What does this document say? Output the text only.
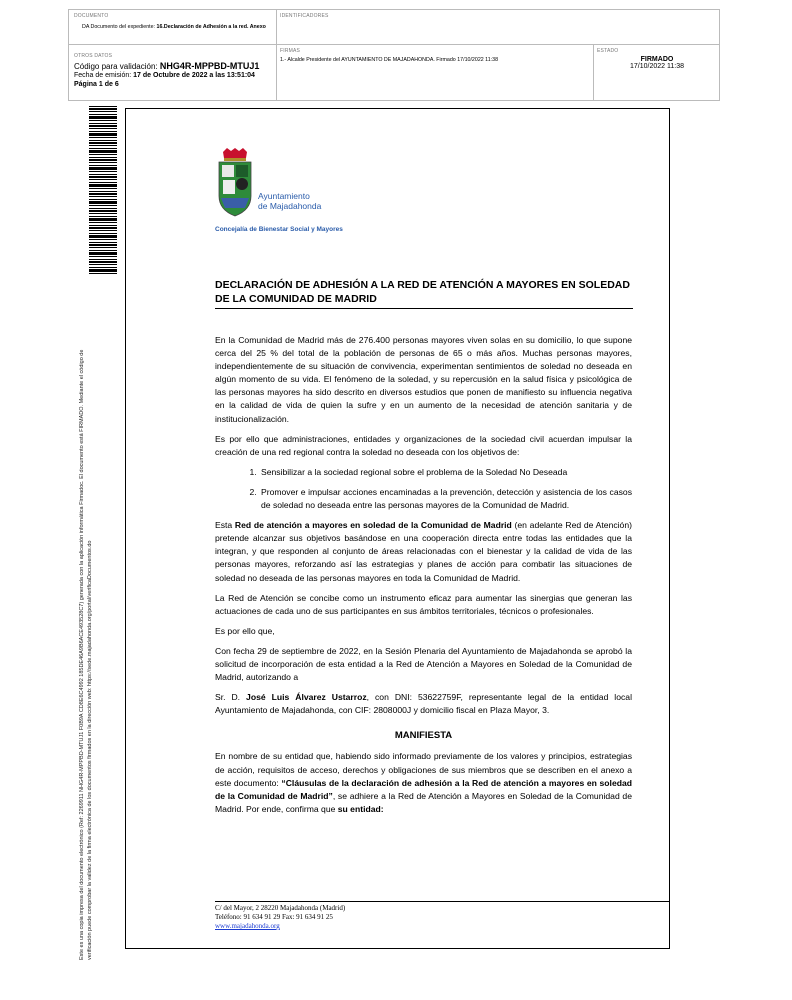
DOCUMENTO
DA Documento del expediente: 16.Declaración de Adhesión a la red. Anexo
IDENTIFICADORES
OTROS DATOS
Código para validación: NHG4R-MPPBD-MTUJ1
Fecha de emisión: 17 de Octubre de 2022 a las 13:51:04
Página 1 de 6
FIRMAS
1.- Alcalde Presidente del AYUNTAMIENTO DE MAJADAHONDA. Firmado 17/10/2022 11:38
ESTADO
FIRMADO
17/10/2022 11:38
Este es una copia impresa del documento electrónico (Ref: 2269911 NHG4R-MPPBD-MTUJ1 F0B9A CD8E6C4992 185DE46A9B6ACE493528C7) generada con la aplicación informática Firmadoc. El documento está FIRMADO. Mediante el código de verificación puede comprobar la validez de la firma electrónica de los documentos firmados en la dirección web: https://sede.majadahonda.org/portal/verificaDocumentos.do
Ayuntamiento
de Majadahonda
Concejalía de Bienestar Social y Mayores
DECLARACIÓN DE ADHESIÓN A LA RED DE ATENCIÓN A MAYORES EN SOLEDAD DE LA COMUNIDAD DE MADRID

En la Comunidad de Madrid más de 276.400 personas mayores viven solas en su domicilio, lo que supone cerca del 25 % del total de la población de personas de 65 o más años. Muchas personas mayores, independientemente de su situación de convivencia, experimentan sentimientos de soledad no deseada en algún momento de su vida. El fenómeno de la soledad, y su repercusión en la salud física y psicológica de las personas mayores ha sido descrito en diversos estudios que ponen de manifiesto su influencia negativa en la calidad de vida de quien la sufre y en un aumento de la necesidad de atención sanitaria y de institucionalización.

Es por ello que administraciones, entidades y organizaciones de la sociedad civil acuerdan impulsar la creación de una red regional contra la soledad no deseada con los objetivos de:

1. Sensibilizar a la sociedad regional sobre el problema de la Soledad No Deseada
2. Promover e impulsar acciones encaminadas a la prevención, detección y asistencia de los casos de soledad no deseada entre las personas mayores de la Comunidad de Madrid.

Esta Red de atención a mayores en soledad de la Comunidad de Madrid (en adelante Red de Atención) pretende alcanzar sus objetivos basándose en una cooperación directa entre todas las entidades que la integran, y que responden al conjunto de áreas relacionadas con el bienestar y la calidad de vida de las personas mayores, reforzando así las estrategias y planes de acción para combatir las situaciones de soledad no deseada de las personas mayores en toda la Comunidad de Madrid.

La Red de Atención se concibe como un instrumento eficaz para aumentar las sinergias que generan las actuaciones de cada uno de sus participantes en sus ámbitos territoriales, técnicos o profesionales.

Es por ello que,

Con fecha 29 de septiembre de 2022, en la Sesión Plenaria del Ayuntamiento de Majadahonda se aprobó la solicitud de incorporación de esta entidad a la Red de Atención a Mayores en Soledad de la Comunidad de Madrid, autorizando a

Sr. D. José Luis Álvarez Ustarroz, con DNI: 53622759F, representante legal de la entidad local Ayuntamiento de Majadahonda, con CIF: 2808000J y domicilio fiscal en Plaza Mayor, 3.

MANIFIESTA

En nombre de su entidad que, habiendo sido informado previamente de los valores y principios, estrategias de acción, requisitos de acceso, derechos y obligaciones de sus miembros que se describen en el anexo a este documento: “Cláusulas de la declaración de adhesión a la Red de atención a mayores en soledad de la Comunidad de Madrid”, se adhiere a la Red de Atención a Mayores en Soledad de la Comunidad de Madrid. Por ende, confirma que su entidad:

C/ del Mayor, 2 28220 Majadahonda (Madrid)
Teléfono: 91 634 91 29 Fax: 91 634 91 25
www.majadahonda.org
